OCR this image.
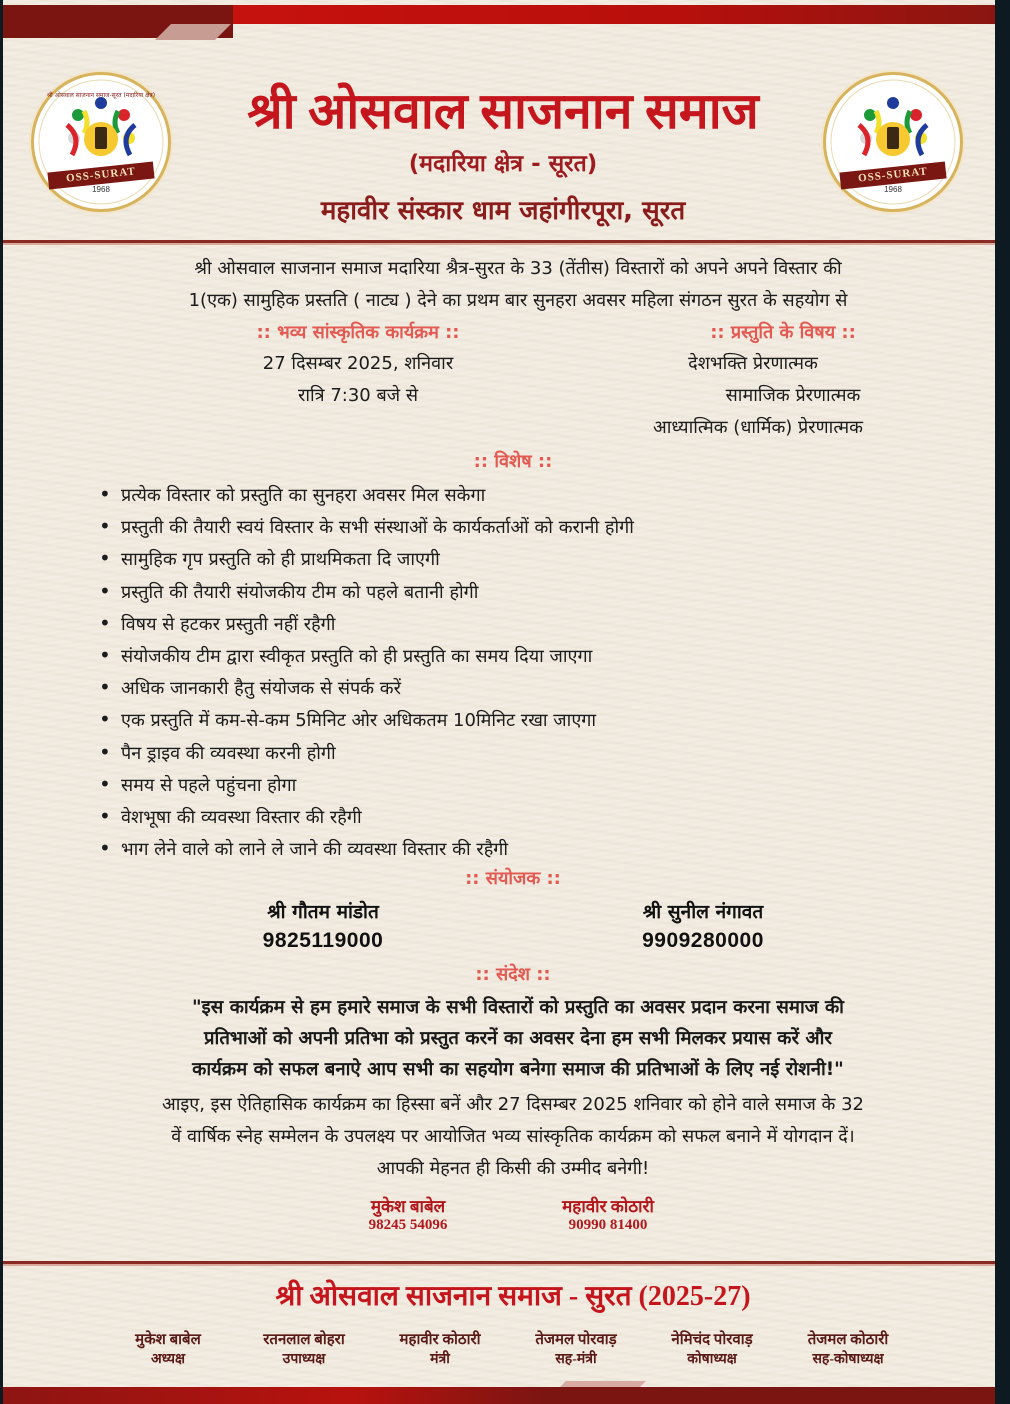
श्री ओसवाल साजनान समाज-सूरत (मदारिया क्षेत्र)
OSS-SURAT
1968
OSS-SURAT
1968
श्री ओसवाल साजनान समाज
(मदारिया क्षेत्र - सूरत)
महावीर संस्कार धाम जहांगीरपूरा, सूरत
श्री ओसवाल साजनान समाज मदारिया श्रैत्र-सुरत के 33 (तेंतीस) विस्तारों को अपने अपने विस्तार की
1(एक) सामुहिक प्रस्तति ( नाट्य ) देने का प्रथम बार सुनहरा अवसर महिला संगठन सुरत के सहयोग से
:: भव्य सांस्कृतिक कार्यक्रम ::
27 दिसम्बर 2025, शनिवार
रात्रि 7:30 बजे से
:: प्रस्तुति के विषय ::
देशभक्ति प्रेरणात्मक
सामाजिक प्रेरणात्मक
आध्यात्मिक (धार्मिक) प्रेरणात्मक
:: विशेष ::
• प्रत्येक विस्तार को प्रस्तुति का सुनहरा अवसर मिल सकेगा
• प्रस्तुती की तैयारी स्वयं विस्तार के सभी संस्थाओं के कार्यकर्ताओं को करानी होगी
• सामुहिक गृप प्रस्तुति को ही प्राथमिकता दि जाएगी
• प्रस्तुति की तैयारी संयोजकीय टीम को पहले बतानी होगी
• विषय से हटकर प्रस्तुती नहीं रहैगी
• संयोजकीय टीम द्वारा स्वीकृत प्रस्तुति को ही प्रस्तुति का समय दिया जाएगा
• अधिक जानकारी हैतु संयोजक से संपर्क करें
• एक प्रस्तुति में कम-से-कम 5मिनिट ओर अधिकतम 10मिनिट रखा जाएगा
• पैन ड्राइव की व्यवस्था करनी होगी
• समय से पहले पहुंचना होगा
• वेशभूषा की व्यवस्था विस्तार की रहैगी
• भाग लेने वाले को लाने ले जाने की व्यवस्था विस्तार की रहैगी
:: संयोजक ::
श्री गौतम मांडोत
9825119000
श्री सुनील नंगावत
9909280000
:: संदेश ::
"इस कार्यक्रम से हम हमारे समाज के सभी विस्तारों को प्रस्तुति का अवसर प्रदान करना समाज की
प्रतिभाओं को अपनी प्रतिभा को प्रस्तुत करनें का अवसर देना हम सभी मिलकर प्रयास करें और
कार्यक्रम को सफल बनाऐ आप सभी का सहयोग बनेगा समाज की प्रतिभाओं के लिए नई रोशनी!"
आइए, इस ऐतिहासिक कार्यक्रम का हिस्सा बनें और 27 दिसम्बर 2025 शनिवार को होने वाले समाज के 32
वें वार्षिक स्नेह सम्मेलन के उपलक्ष्य पर आयोजित भव्य सांस्कृतिक कार्यक्रम को सफल बनाने में योगदान दें।
आपकी मेहनत ही किसी की उम्मीद बनेगी!
मुकेश बाबेल
98245 54096
महावीर कोठारी
90990 81400
श्री ओसवाल साजनान समाज - सुरत (2025-27)
मुकेश बाबेल
अध्यक्ष
रतनलाल बोहरा
उपाध्यक्ष
महावीर कोठारी
मंत्री
तेजमल पोरवाड़
सह-मंत्री
नेमिचंद पोरवाड़
कोषाध्यक्ष
तेजमल कोठारी
सह-कोषाध्यक्ष
